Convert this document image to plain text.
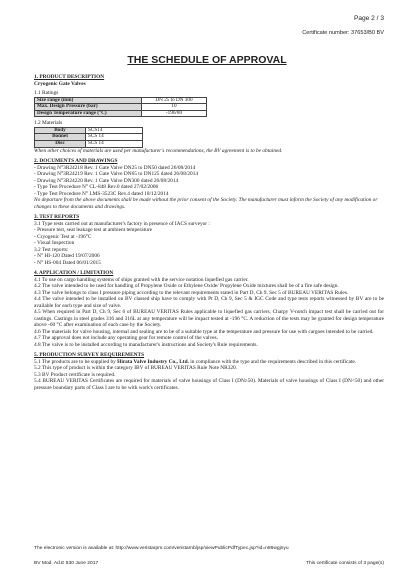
Page 2 / 3
Certificate number: 37653/B0 BV
THE SCHEDULE OF APPROVAL
1. PRODUCT DESCRIPTION
Cryogenic Gate Valves
1.1 Ratings
Size range (mm)	DN 25 to DN 300
Max. Design Pressure (bar)	10
Design Temperature range (°C)	-196/80
1.2 Materials
Body	SCS14
Bonnet	SCS 14
Disc	SCS 14
When other choices of materials are used per manufacturer's recommendations, the BV agreement is to be obtained.
2. DOCUMENTS AND DRAWINGS
- Drawing N°3R24218 Rev. 1 Gate Valve DN25 to DN50 dated 26/08/2014
- Drawing N°3R24219 Rev. 1 Gate Valve DN65 to DN125 dated 26/08/2014
- Drawing N°3R24220 Rev. 1 Gate Valve DN300 dated 26/08/2014
- Type Test Procedure N° CL-848 Rev.0 dated 27/02/2006
- Type Test Procedure N° LMS-3523C Rev.4 dated 18/12/2014
No departure from the above documents shall be made without the prior consent of the Society. The manufacturer must inform the Society of any modification or changes to these documents and drawings.
3. TEST REPORTS
3.1 Type tests carried out at manufacturer's factory in presence of IACS surveyor :
- Pressure test, seat leakage test at ambient temperature
- Cryogenic Test at -196°C
- Visual Inspection
3.2 Test reports:
- N° HI-120 Dated 19/07/2006
- N° HS-004 Dated 06/01/2015
4. APPLICATION / LIMITATION
4.1 To use on cargo handling systems of ships granted with the service notation liquefied gas carrier.
4.2 The valve intended to be used for handling of Propylene Oxide or Ethylene Oxide/ Propylene Oxide mixtures shall be of a fire safe design.
4.3 The valve belongs to class I pressure piping according to the relevant requirements stated in Part D, Ch 9, Sec 5 of BUREAU VERITAS Rules.
4.4 The valve intended to be installed on BV classed ship have to comply with Pt D, Ch 9, Sec 5 & IGC Code and type tests reports witnessed by BV are to be available for each type and size of valve.
4.5 When required in Part D, Ch 9, Sec 6 of BUREAU VERITAS Rules applicable to liquefied gas carriers, Charpy V-notch impact test shall be carried out for castings. Castings in steel grades 316 and 316L at any temperature will be impact tested at -196 °C. A reduction of the tests may be granted for design temperature above -60 °C after examination of each case by the Society.
4.6 The materials for valve housing, internal and sealing are to be of a suitable type at the temperature and pressure for use with cargoes intended to be carried.
4.7 The approval does not include any operating gear for remote control of the valves.
4.8 The valve is to be installed according to manufacturer's instructions and Society's Rule requirements.
5. PRODUCTION SURVEY REQUIREMENTS
5.1 The products are to be supplied by Hirata Valve Industry Co., Ltd. in compliance with the type and the requirements described in this certificate.
5.2 This type of product is within the category IBV of BUREAU VERITAS Rule Note NR320.
5.3 BV Product certificate is required.
5.4 BUREAU VERITAS Certificates are required for materials of valve housings of Class I (DN≥50). Materials of valve housings of Class I (DN<50) and other pressure boundary parts of Class I are to be with work's certificates.
The electronic version is available at: http://www.veristarpm.com/veristarnb/jsp/viewPublicPdfTypec.jsp?id=n86wgjnyu
BV Mod. Ad.E 530 June 2017	This certificate consists of 3 page(s)
